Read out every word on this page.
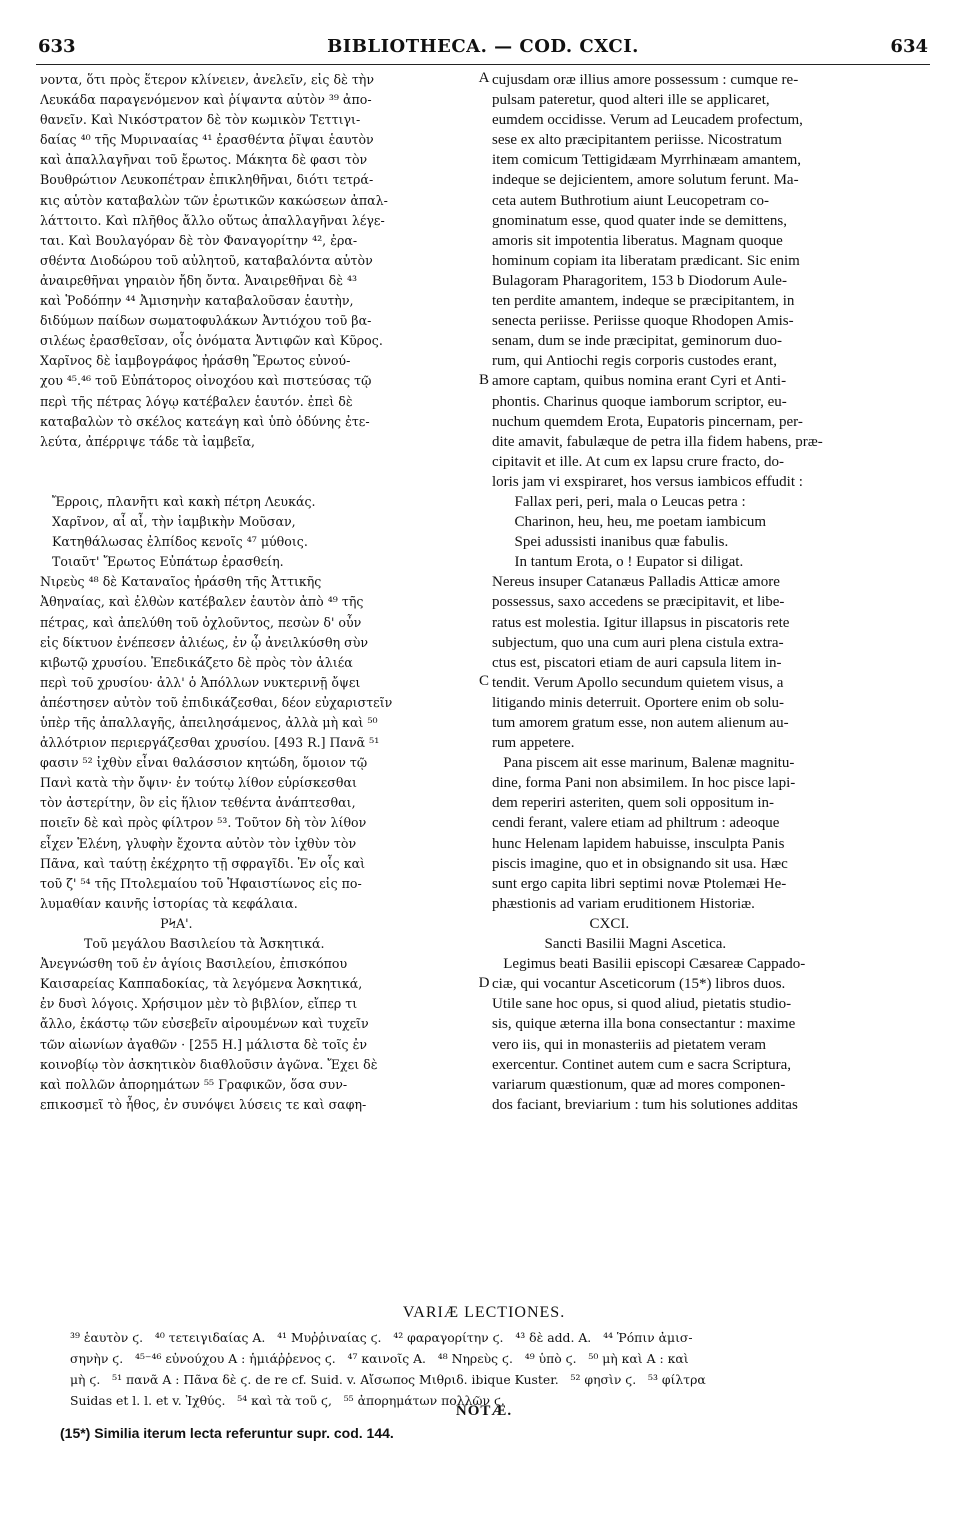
633	BIBLIOTHECA. — COD. CXCI.	634
νοντα, ὅτι πρὸς ἕτερον κλίνειεν, ἀνελεῖν, εἰς δὲ τὴν
Λευκάδα παραγενόμενον καὶ ῥίψαντα αὑτὸν ³⁹ ἀπο-
θανεῖν. Καὶ Νικόστρατον δὲ τὸν κωμικὸν Τεττιγι-
δαίας ⁴⁰ τῆς Μυρινααίας ⁴¹ ἐρασθέντα ῥῖψαι ἑαυτὸν
καὶ ἀπαλλαγῆναι τοῦ ἔρωτος. Μάκητα δὲ φασι τὸν
Βουθρώτιον Λευκοπέτραν ἐπικληθῆναι, διότι τετρά-
κις αὑτὸν καταβαλὼν τῶν ἐρωτικῶν κακώσεων ἀπαλ-
λάττοιτο. Καὶ πλῆθος ἄλλο οὕτως ἀπαλλαγῆναι λέγε-
ται. Καὶ Βουλαγόραν δὲ τὸν Φαναγορίτην ⁴², ἐρα-
σθέντα Διοδώρου τοῦ αὐλητοῦ, καταβαλόντα αὑτὸν
ἀναιρεθῆναι γηραιὸν ἤδη ὄντα. Ἀναιρεθῆναι δὲ ⁴³
καὶ Ῥοδόπην ⁴⁴ Ἀμισηνὴν καταβαλοῦσαν ἑαυτὴν,
διδύμων παίδων σωματοφυλάκων Ἀντιόχου τοῦ βα-
σιλέως ἐρασθεῖσαν, οἷς ὀνόματα Ἀντιφῶν καὶ Κῦρος.
Χαρῖνος δὲ ἰαμβογράφος ἠράσθη Ἔρωτος εὐνού-
χου ⁴⁵.⁴⁶ τοῦ Εὐπάτορος οἰνοχόου καὶ πιστεύσας τῷ
περὶ τῆς πέτρας λόγῳ κατέβαλεν ἑαυτόν. ἐπεὶ δὲ
καταβαλὼν τὸ σκέλος κατεάγη καὶ ὑπὸ ὀδύνης ἐτε-
λεύτα, ἀπέρριψε τάδε τὰ ἰαμβεῖα,
Ἔρροις, πλανῆτι καὶ κακὴ πέτρη Λευκάς.
Χαρῖνον, αἶ αἶ, τὴν ἰαμβικὴν Μοῦσαν,
Κατηθάλωσας ἐλπίδος κενοῖς ⁴⁷ μύθοις.
Τοιαῦτ' Ἔρωτος Εὐπάτωρ ἐρασθείη.
Νιρεὺς ⁴⁸ δὲ Καταναῖος ἠράσθη τῆς Ἀττικῆς
Ἀθηναίας, καὶ ἐλθὼν κατέβαλεν ἑαυτὸν ἀπὸ ⁴⁹ τῆς
πέτρας, καὶ ἀπελύθη τοῦ ὀχλοῦντος, πεσὼν δ' οὖν
εἰς δίκτυον ἐνέπεσεν ἁλιέως, ἐν ᾧ ἀνειλκύσθη σὺν
κιβωτῷ χρυσίου. Ἐπεδικάζετο δὲ πρὸς τὸν ἁλιέα
περὶ τοῦ χρυσίου· ἀλλ' ὁ Ἀπόλλων νυκτερινῇ ὄψει
ἀπέστησεν αὐτὸν τοῦ ἐπιδικάζεσθαι, δέον εὐχαριστεῖν
ὑπὲρ τῆς ἀπαλλαγῆς, ἀπειλησάμενος, ἀλλὰ μὴ καὶ ⁵⁰
ἀλλότριον περιεργάζεσθαι χρυσίου. [493 R.] Πανᾶ ⁵¹
φασιν ⁵² ἰχθὺν εἶναι θαλάσσιον κητώδη, ὅμοιον τῷ
Πανὶ κατὰ τὴν ὄψιν· ἐν τούτῳ λίθον εὑρίσκεσθαι
τὸν ἀστερίτην, ὃν εἰς ἥλιον τεθέντα ἀνάπτεσθαι,
ποιεῖν δὲ καὶ πρὸς φίλτρον ⁵³. Τοῦτον δὴ τὸν λίθον
εἶχεν Ἑλένη, γλυφὴν ἔχοντα αὐτὸν τὸν ἰχθὺν τὸν
Πᾶνα, καὶ ταύτῃ ἐκέχρητο τῇ σφραγῖδι. Ἐν οἷς καὶ
τοῦ ζ' ⁵⁴ τῆς Πτολεμαίου τοῦ Ἡφαιστίωνος εἰς πο-
λυμαθίαν καινῆς ἱστορίας τὰ κεφάλαια.
ΡϞΑ'.
Τοῦ μεγάλου Βασιλείου τὰ Ἀσκητικά.
Ἀνεγνώσθη τοῦ ἐν ἁγίοις Βασιλείου, ἐπισκόπου
Καισαρείας Καππαδοκίας, τὰ λεγόμενα Ἀσκητικά,
ἐν δυσὶ λόγοις. Χρήσιμον μὲν τὸ βιβλίον, εἴπερ τι
ἄλλο, ἑκάστῳ τῶν εὐσεβεῖν αἱρουμένων καὶ τυχεῖν
τῶν αἰωνίων ἀγαθῶν · [255 H.] μάλιστα δὲ τοῖς ἐν
κοινοβίῳ τὸν ἀσκητικὸν διαθλοῦσιν ἀγῶνα. Ἔχει δὲ
καὶ πολλῶν ἀπορημάτων ⁵⁵ Γραφικῶν, ὅσα συν-
επικοσμεῖ τὸ ἦθος, ἐν συνόψει λύσεις τε καὶ σαφη-
A
B
C
D
cujusdam oræ illius amore possessum : cumque re-
pulsam pateretur, quod alteri ille se applicaret,
eumdem occidisse. Verum ad Leucadem profectum,
sese ex alto præcipitantem periisse. Nicostratum
item comicum Tettigidæam Myrrhinæam amantem,
indeque se dejicientem, amore solutum ferunt. Ma-
ceta autem Buthrotium aiunt Leucopetram co-
gnominatum esse, quod quater inde se demittens,
amoris sit impotentia liberatus. Magnam quoque
hominum copiam ita liberatam prædicant. Sic enim
Bulagoram Pharagoritem, 153 b Diodorum Aule-
ten perdite amantem, indeque se præcipitantem, in
senecta periisse. Periisse quoque Rhodopen Amis-
senam, dum se inde præcipitat, geminorum duo-
rum, qui Antiochi regis corporis custodes erant,
amore captam, quibus nomina erant Cyri et Anti-
phontis. Charinus quoque iamborum scriptor, eu-
nuchum quemdem Erota, Eupatoris pincernam, per-
dite amavit, fabulæque de petra illa fidem habens, præ-
cipitavit et ille. At cum ex lapsu crure fracto, do-
loris jam vi exspiraret, hos versus iambicos effudit :
Fallax peri, peri, mala o Leucas petra :
Charinon, heu, heu, me poetam iambicum
Spei adussisti inanibus quæ fabulis.
In tantum Erota, o ! Eupator si diligat.
Nereus insuper Catanæus Palladis Atticæ amore
possessus, saxo accedens se præcipitavit, et libe-
ratus est molestia. Igitur illapsus in piscatoris rete
subjectum, quo una cum auri plena cistula extra-
ctus est, piscatori etiam de auri capsula litem in-
tendit. Verum Apollo secundum quietem visus, a
litigando minis deterruit. Oportere enim ob solu-
tum amorem gratum esse, non autem alienum au-
rum appetere.
Pana piscem ait esse marinum, Balenæ magnitu-
dine, forma Pani non absimilem. In hoc pisce lapi-
dem reperiri asteriten, quem soli oppositum in-
cendi ferant, valere etiam ad philtrum : adeoque
hunc Helenam lapidem habuisse, insculpta Panis
piscis imagine, quo et in obsignando sit usa. Hæc
sunt ergo capita libri septimi novæ Ptolemæi He-
phæstionis ad variam eruditionem Historiæ.
CXCI.
Sancti Basilii Magni Ascetica.
Legimus beati Basilii episcopi Cæsareæ Cappado-
ciæ, qui vocantur Asceticorum (15*) libros duos.
Utile sane hoc opus, si quod aliud, pietatis studio-
sis, quique æterna illa bona consectantur : maxime
vero iis, qui in monasteriis ad pietatem veram
exercentur. Continet autem cum e sacra Scriptura,
variarum quæstionum, quæ ad mores componen-
dos faciant, breviarium : tum his solutiones additas
VARIÆ LECTIONES.
³⁹ ἑαυτὸν ϛ.   ⁴⁰ τετειγιδαίας A.   ⁴¹ Μυῤῥιναίας ϛ.   ⁴² φαραγορίτην ϛ.   ⁴³ δὲ add. A.   ⁴⁴ Ῥόπιν ἀμισ-
σηνὴν ϛ.   ⁴⁵⁻⁴⁶ εὐνούχου A : ἡμιάῤῥενος ϛ.   ⁴⁷ καινοῖς A.   ⁴⁸ Νηρεὺς ϛ.   ⁴⁹ ὑπὸ ϛ.   ⁵⁰ μὴ καὶ A : καὶ
μὴ ϛ.   ⁵¹ πανᾶ A : Πᾶνα δὲ ϛ. de re cf. Suid. v. Αἴσωπος Μιθριδ. ibique Kuster.   ⁵² φησὶν ϛ.   ⁵³ φίλτρα
Suidas et l. l. et v. Ἰχθύς.   ⁵⁴ καὶ τὰ τοῦ ϛ,   ⁵⁵ ἀπορημάτων πολλῶν ϛ.
NOTÆ.
(15*) Similia iterum lecta referuntur supr. cod. 144.
